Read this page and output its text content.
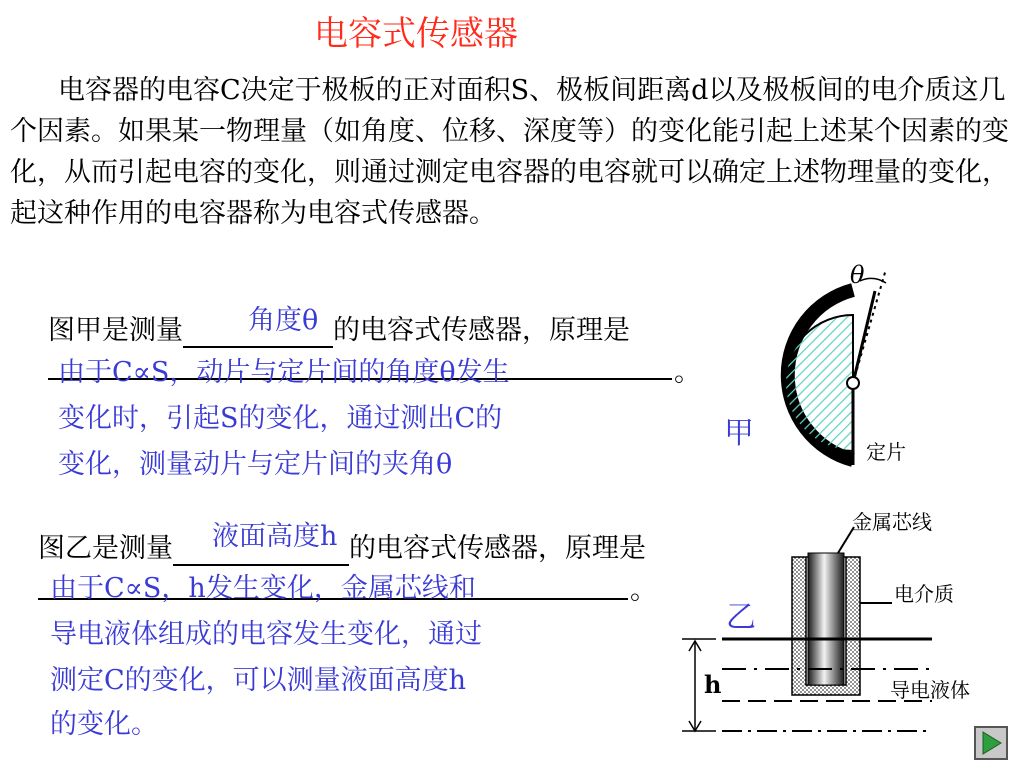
电容式传感器
电容器的电容C决定于极板的正对面积S、极板间距离d以及极板间的电介质这几个因素。如果某一物理量（如角度、位移、深度等）的变化能引起上述某个因素的变化，从而引起电容的变化，则通过测定电容器的电容就可以确定上述物理量的变化，起这种作用的电容器称为电容式传感器。
图甲是测量	的电容式传感器，原理是
角度θ
。
由于C∝S，动片与定片间的角度θ发生
变化时，引起S的变化，通过测出C的
变化，测量动片与定片间的夹角θ
甲
θ
定片
图乙是测量	的电容式传感器，原理是
液面高度h
。
由于C∝S，h发生变化，金属芯线和
导电液体组成的电容发生变化，通过
测定C的变化，可以测量液面高度h
的变化。
乙
h
金属芯线
电介质
导电液体
